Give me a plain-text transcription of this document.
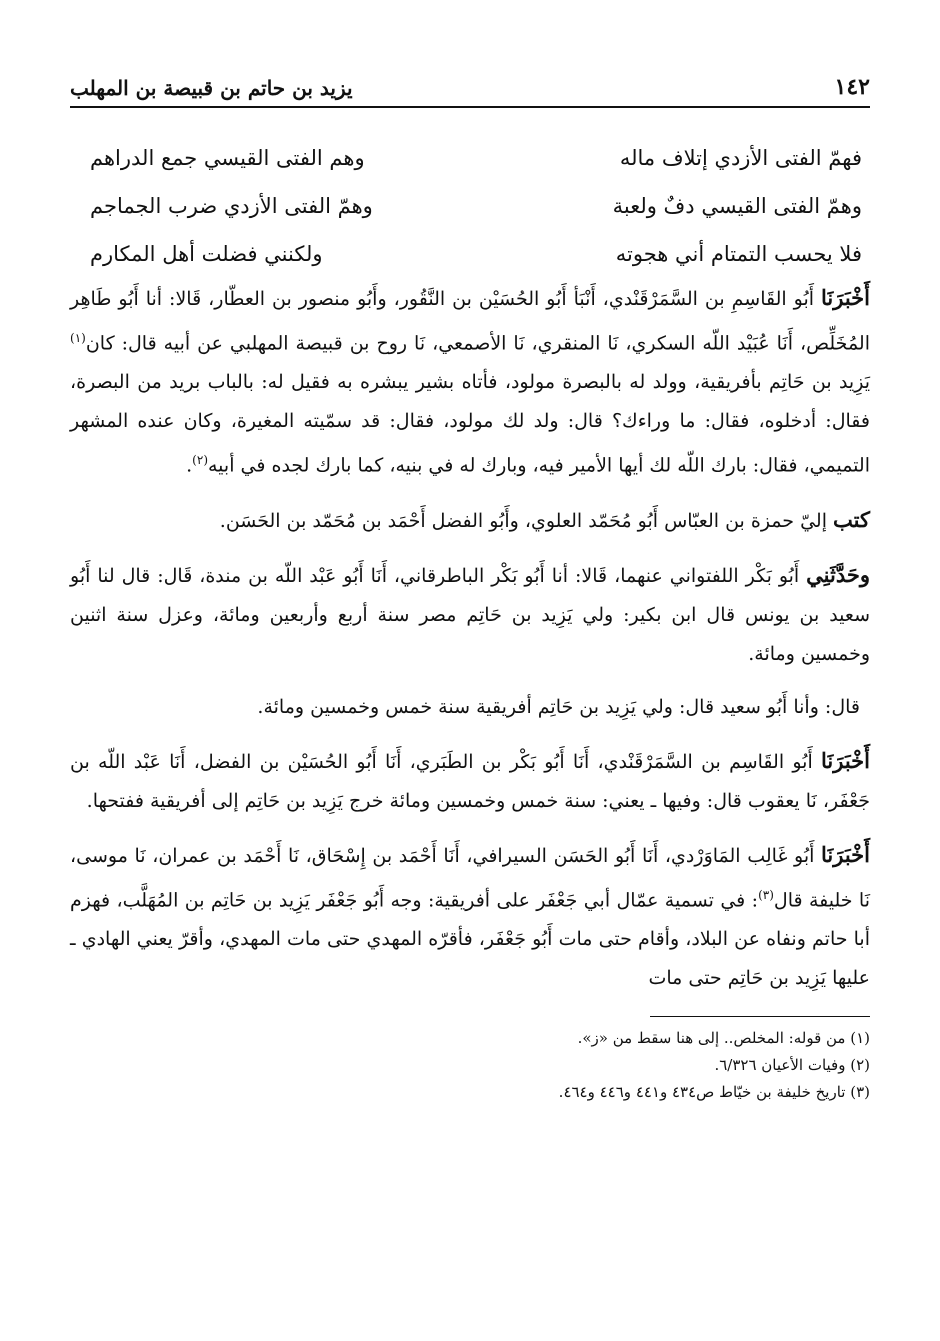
١٤٢
يزيد بن حاتم بن قبيصة بن المهلب
فهمّ الفتى الأزدي إتلاف ماله
وهم الفتى القيسي جمع الدراهم
وهمّ الفتى القيسي دفٌ ولعبة
وهمّ الفتى الأزدي ضرب الجماجم
فلا يحسب التمتام أني هجوته
ولكنني فضلت أهل المكارم

أَخْبَرَنَا أَبُو القَاسِمِ بن السَّمَرْقَنْدي، أَنْبَأ أَبُو الحُسَيْن بن النَّقُور، وأَبُو منصور بن العطّار، قَالا: أنا أَبُو طَاهِر المُخَلِّص، أَنَا عُبَيْد اللّه السكري، نَا المنقري، نَا الأصمعي، نَا روح بن قبيصة المهلبي عن أبيه قال: كان$^{(١)}$ يَزِيد بن حَاتِم بأفريقية، وولد له بالبصرة مولود، فأتاه بشير يبشره به فقيل له: بالباب بريد من البصرة، فقال: أدخلوه، فقال: ما وراءك؟ قال: ولد لك مولود، فقال: قد سمّيته المغيرة، وكان عنده المشهر التميمي، فقال: بارك اللّه لك أيها الأمير فيه، وبارك له في بنيه، كما بارك لجده في أبيه$^{(٢)}$.

كتب إليّ حمزة بن العبّاس أَبُو مُحَمّد العلوي، وأَبُو الفضل أَحْمَد بن مُحَمّد بن الحَسَن.

وحَدَّثَنِي أَبُو بَكْر اللفتواني عنهما، قَالا: أنا أَبُو بَكْر الباطرقاني، أَنَا أَبُو عَبْد اللّه بن مندة، قَال: قال لنا أَبُو سعيد بن يونس قال ابن بكير: ولي يَزِيد بن حَاتِم مصر سنة أربع وأربعين ومائة، وعزل سنة اثنين وخمسين ومائة.

قال: وأنا أَبُو سعيد قال: ولي يَزِيد بن حَاتِم أفريقية سنة خمس وخمسين ومائة.

أَخْبَرَنَا أَبُو القَاسِم بن السَّمَرْقَنْدي، أَنَا أَبُو بَكْر بن الطَبَري، أَنَا أَبُو الحُسَيْن بن الفضل، أَنَا عَبْد اللّه بن جَعْفَر، نَا يعقوب قال: وفيها ـ يعني: سنة خمس وخمسين ومائة خرج يَزِيد بن حَاتِم إلى أفريقية ففتحها.

أَخْبَرَنَا أَبُو غَالِب المَاوَرْدي، أَنَا أَبُو الحَسَن السيرافي، أَنَا أَحْمَد بن إِسْحَاق، نَا أَحْمَد بن عمران، نَا موسى، نَا خليفة قال$^{(٣)}$: في تسمية عمّال أبي جَعْفَر على أفريقية: وجه أَبُو جَعْفَر يَزِيد بن حَاتِم بن المُهَلَّب، فهزم أبا حاتم ونفاه عن البلاد، وأقام حتى مات أَبُو جَعْفَر، فأقرّه المهدي حتى مات المهدي، وأقرّ يعني الهادي ـ عليها يَزِيد بن حَاتِم حتى مات

(١) من قوله: المخلص.. إلى هنا سقط من «ز».
(٢) وفيات الأعيان ٦/٣٢٦.
(٣) تاريخ خليفة بن خيّاط ص٤٣٤ و٤٤١ و٤٤٦ و٤٦٤.
